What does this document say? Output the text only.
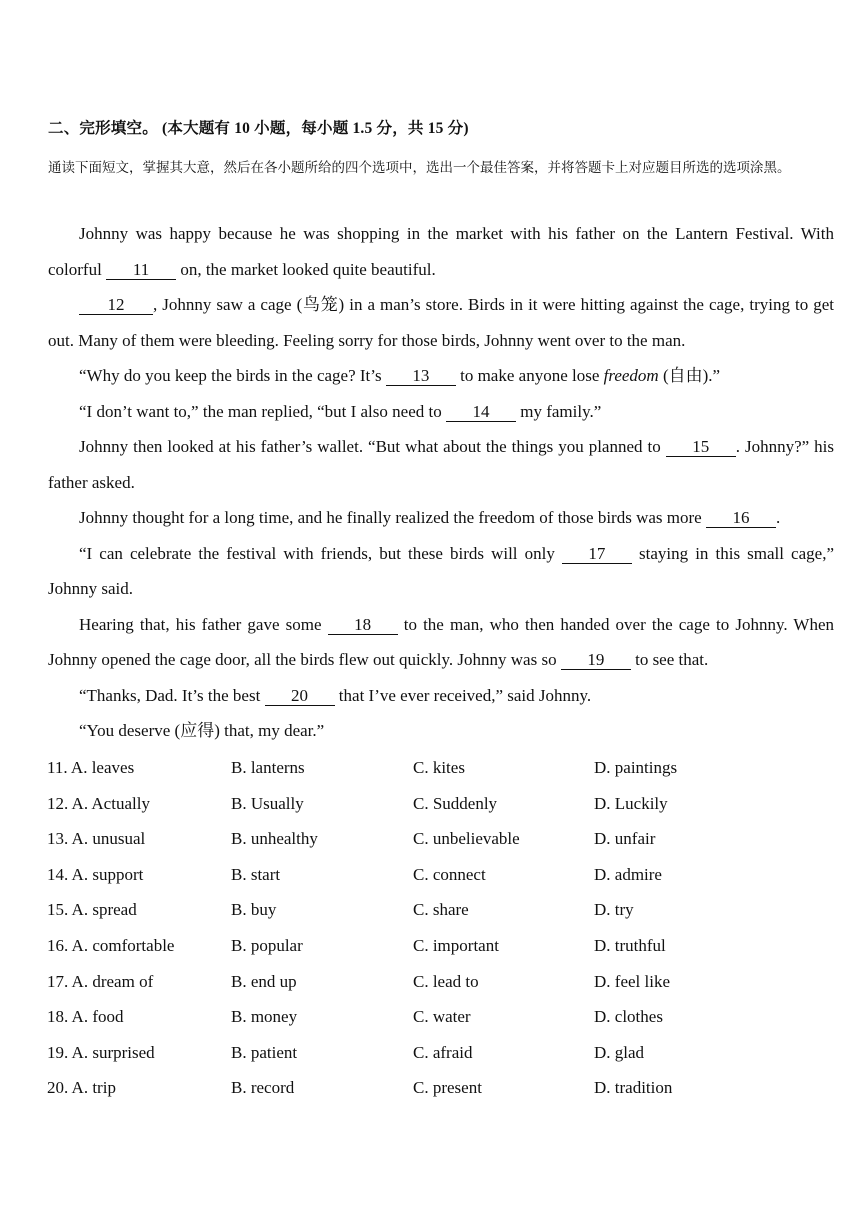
二、完形填空。 (本大题有 10 小题，每小题 1.5 分，共 15 分)
通读下面短文，掌握其大意，然后在各小题所给的四个选项中，选出一个最佳答案，并将答题卡上对应题目所选的选项涂黑。

Johnny was happy because he was shopping in the market with his father on the Lantern Festival. With colorful 11 on, the market looked quite beautiful.

12 , Johnny saw a cage (鸟笼) in a man’s store. Birds in it were hitting against the cage, trying to get out. Many of them were bleeding. Feeling sorry for those birds, Johnny went over to the man.

“Why do you keep the birds in the cage? It’s 13 to make anyone lose freedom (自由).”

“I don’t want to,” the man replied, “but I also need to 14 my family.”

Johnny then looked at his father’s wallet. “But what about the things you planned to 15 . Johnny?” his father asked.

Johnny thought for a long time, and he finally realized the freedom of those birds was more 16 .

“I can celebrate the festival with friends, but these birds will only 17 staying in this small cage,” Johnny said.

Hearing that, his father gave some 18 to the man, who then handed over the cage to Johnny. When Johnny opened the cage door, all the birds flew out quickly. Johnny was so 19 to see that.

“Thanks, Dad. It’s the best 20 that I’ve ever received,” said Johnny.

“You deserve (应得) that, my dear.”

11. A. leaves	B. lanterns	C. kites	D. paintings
12. A. Actually	B. Usually	C. Suddenly	D. Luckily
13. A. unusual	B. unhealthy	C. unbelievable	D. unfair
14. A. support	B. start	C. connect	D. admire
15. A. spread	B. buy	C. share	D. try
16. A. comfortable	B. popular	C. important	D. truthful
17. A. dream of	B. end up	C. lead to	D. feel like
18. A. food	B. money	C. water	D. clothes
19. A. surprised	B. patient	C. afraid	D. glad
20. A. trip	B. record	C. present	D. tradition
